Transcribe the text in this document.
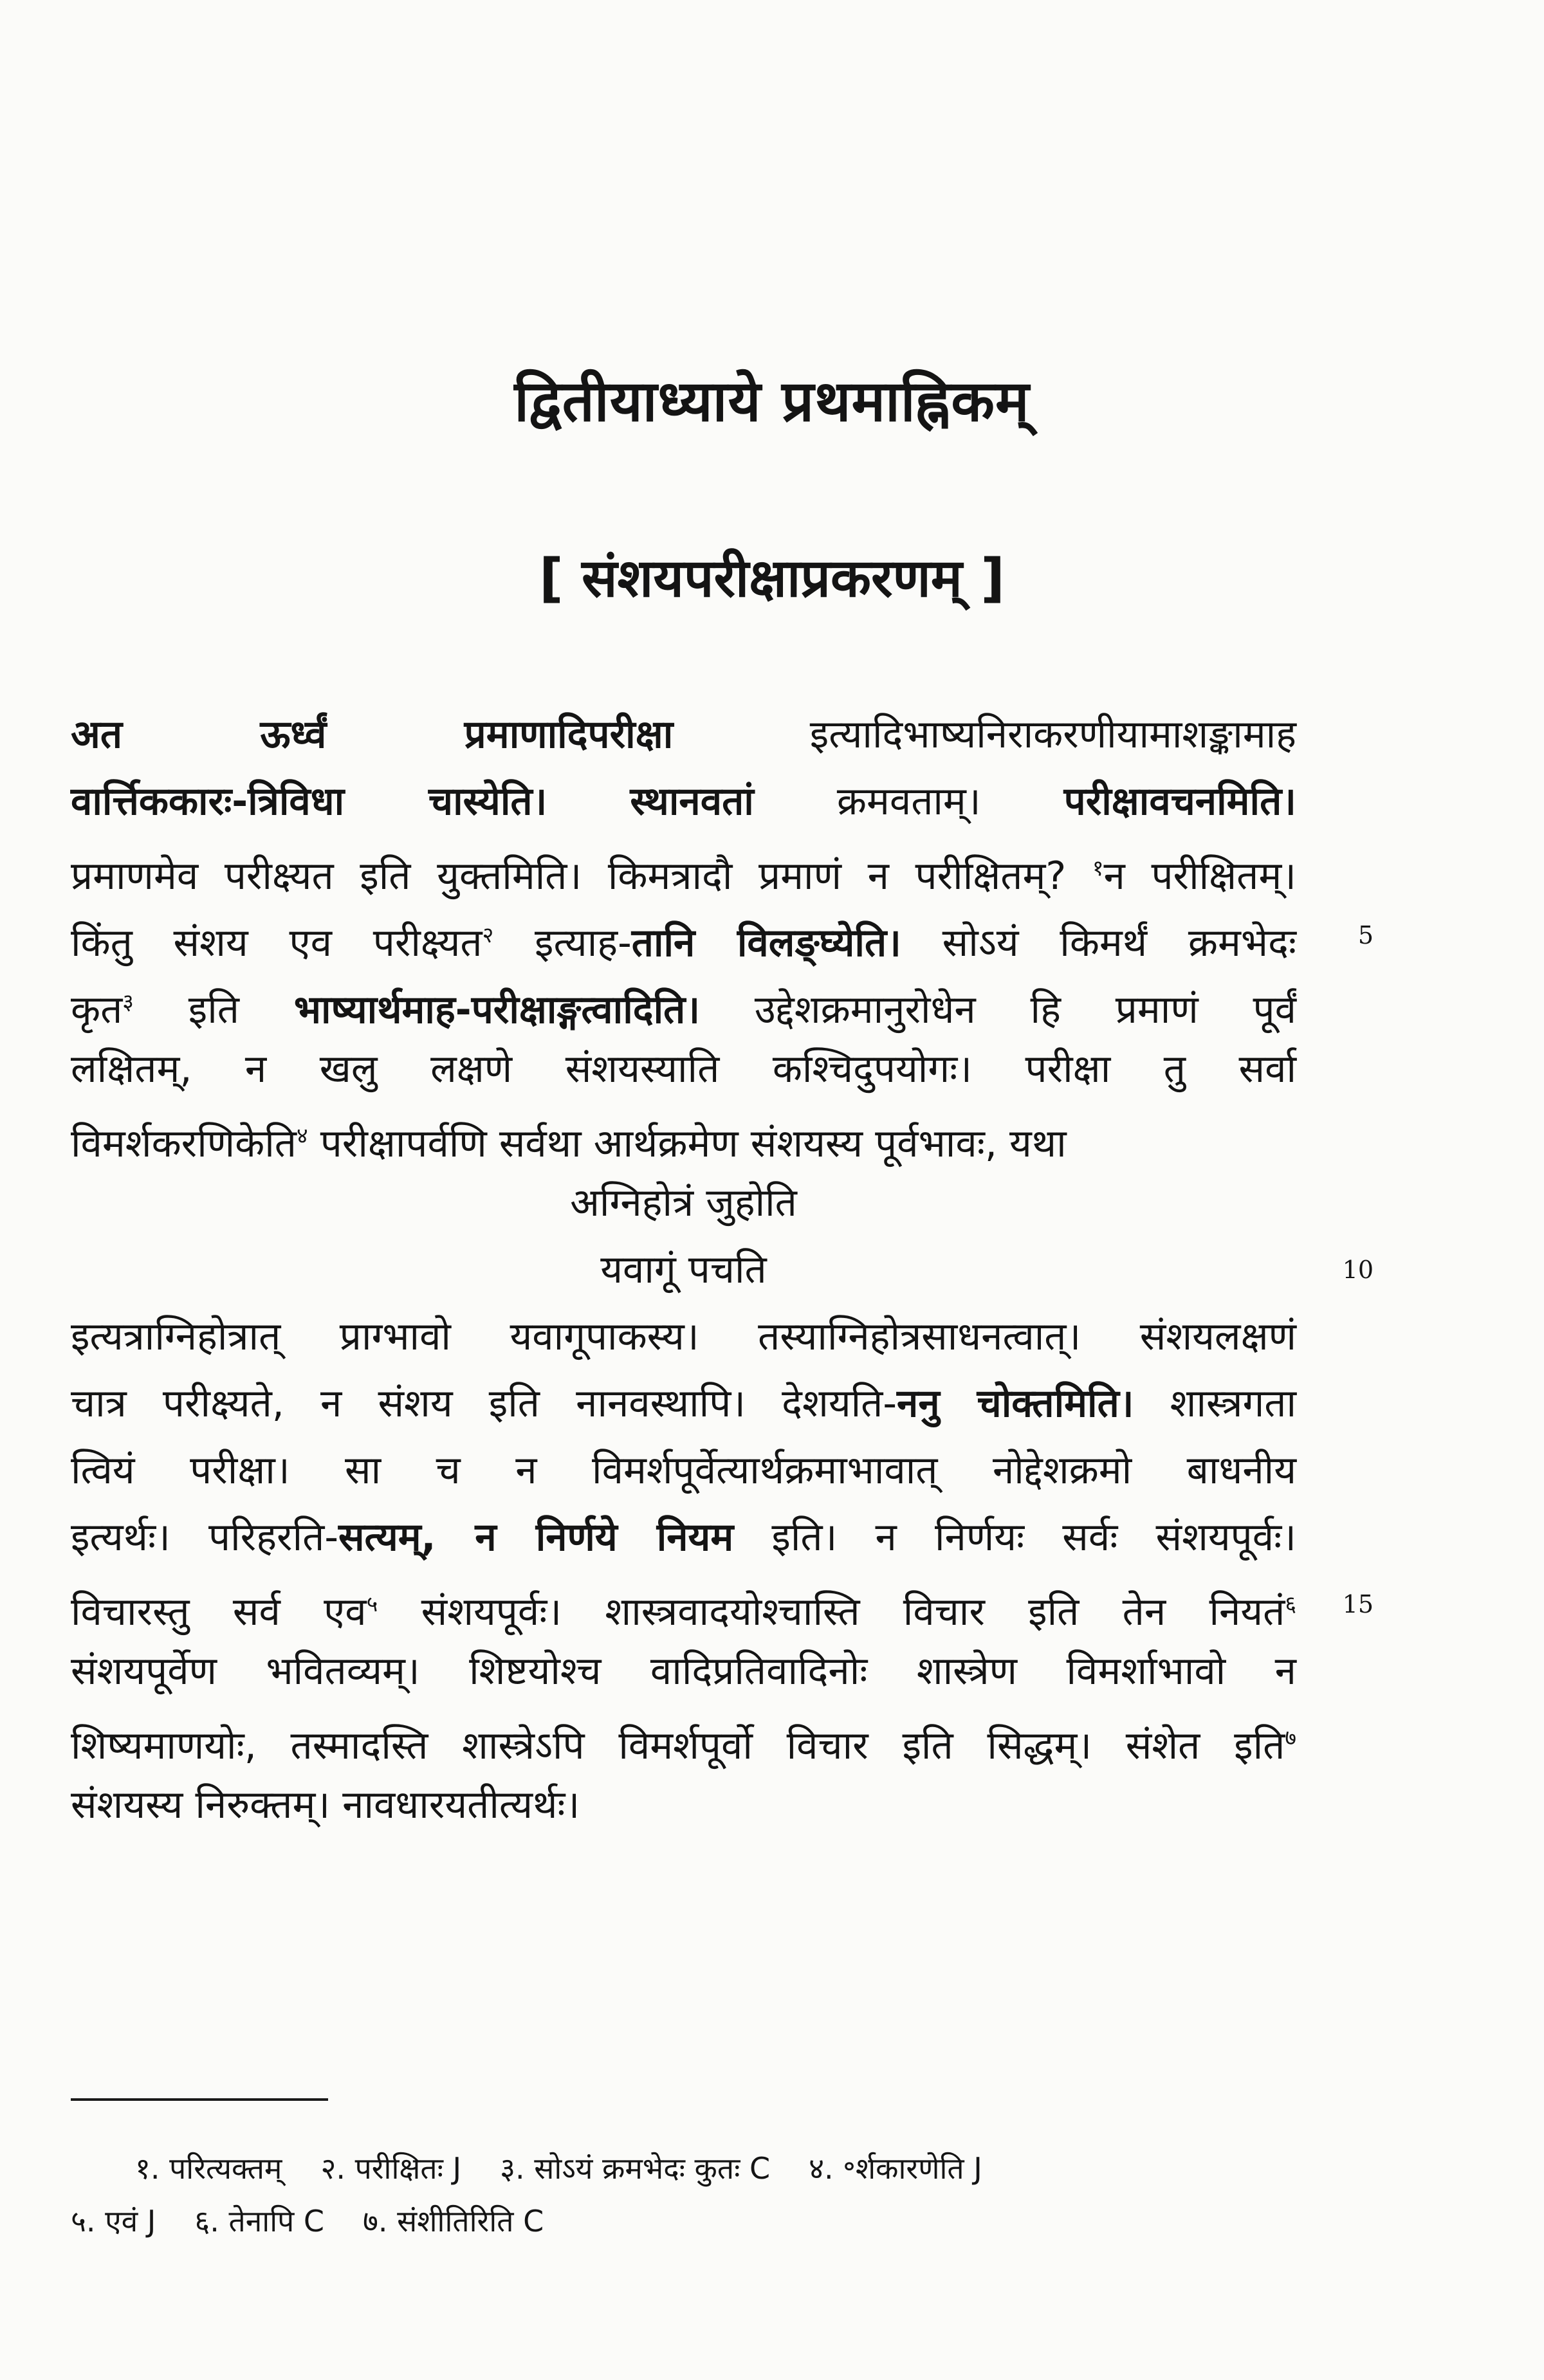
द्वितीयाध्याये प्रथमाह्निकम्
[ संशयपरीक्षाप्रकरणम् ]
अत ऊर्ध्वं प्रमाणादिपरीक्षा इत्यादिभाष्यनिराकरणीयामाशङ्कामाह
वार्त्तिककारः-त्रिविधा चास्येति। स्थानवतां क्रमवताम्। परीक्षावचनमिति।
प्रमाणमेव परीक्ष्यत इति युक्तमिति। किमत्रादौ प्रमाणं न परीक्षितम्? $^१$न परीक्षितम्।
किंतु संशय एव परीक्ष्यत$^२$ इत्याह-तानि विलङ्घ्येति। सोऽयं किमर्थं क्रमभेदः
कृत$^३$ इति भाष्यार्थमाह-परीक्षाङ्गत्वादिति। उद्देशक्रमानुरोधेन हि प्रमाणं पूर्वं
लक्षितम्, न खलु लक्षणे संशयस्याति कश्चिदुपयोगः। परीक्षा तु सर्वा
विमर्शकरणिकेति$^४$ परीक्षापर्वणि सर्वथा आर्थक्रमेण संशयस्य पूर्वभावः, यथा
अग्निहोत्रं जुहोति
यवागूं पचति
इत्यत्राग्निहोत्रात् प्राग्भावो यवागूपाकस्य। तस्याग्निहोत्रसाधनत्वात्। संशयलक्षणं
चात्र परीक्ष्यते, न संशय इति नानवस्थापि। देशयति-ननु चोक्तमिति। शास्त्रगता
त्वियं परीक्षा। सा च न विमर्शपूर्वेत्यार्थक्रमाभावात् नोद्देशक्रमो बाधनीय
इत्यर्थः। परिहरति-सत्यम्, न निर्णये नियम इति। न निर्णयः सर्वः संशयपूर्वः।
विचारस्तु सर्व एव$^५$ संशयपूर्वः। शास्त्रवादयोश्चास्ति विचार इति तेन नियतं$^६$
संशयपूर्वेण भवितव्यम्। शिष्टयोश्च वादिप्रतिवादिनोः शास्त्रेण विमर्शाभावो न
शिष्यमाणयोः, तस्मादस्ति शास्त्रेऽपि विमर्शपूर्वो विचार इति सिद्धम्। संशेत इति$^७$
संशयस्य निरुक्तम्। नावधारयतीत्यर्थः।
5
10
15
१. परित्यक्तम् २. परीक्षितः J ३. सोऽयं क्रमभेदः कुतः C ४. ॰र्शकारणेति J
५. एवं J ६. तेनापि C ७. संशीतिरिति C
